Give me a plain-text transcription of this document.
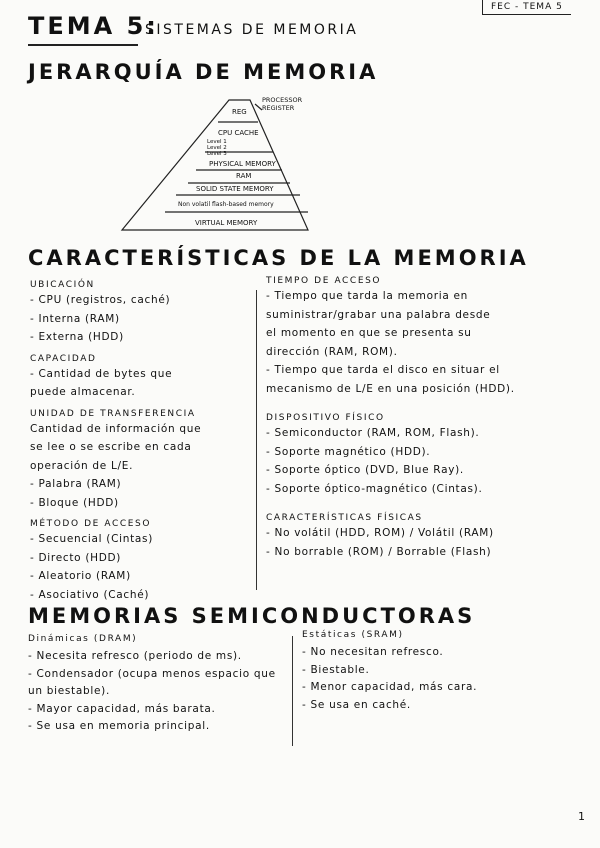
FEC - TEMA 5
TEMA 5:
SISTEMAS DE MEMORIA
JERARQUÍA DE MEMORIA
REG
CPU CACHE
Level 1
Level 2
Level 3
PHYSICAL MEMORY
RAM
SOLID STATE MEMORY
Non volatil flash-based memory
VIRTUAL MEMORY
PROCESSOR
REGISTER
CARACTERÍSTICAS DE LA MEMORIA
UBICACIÓN
- CPU (registros, caché)
- Interna (RAM)
- Externa (HDD)
CAPACIDAD
- Cantidad de bytes que
puede almacenar.
UNIDAD DE TRANSFERENCIA
Cantidad de información que
se lee o se escribe en cada
operación de L/E.
- Palabra (RAM)
- Bloque (HDD)
MÉTODO DE ACCESO
- Secuencial (Cintas)
- Directo (HDD)
- Aleatorio (RAM)
- Asociativo (Caché)
TIEMPO DE ACCESO
- Tiempo que tarda la memoria en
suministrar/grabar una palabra desde
el momento en que se presenta su
dirección (RAM, ROM).
- Tiempo que tarda el disco en situar el
mecanismo de L/E en una posición (HDD).
DISPOSITIVO FÍSICO
- Semiconductor (RAM, ROM, Flash).
- Soporte magnético (HDD).
- Soporte óptico (DVD, Blue Ray).
- Soporte óptico-magnético (Cintas).
CARACTERÍSTICAS FÍSICAS
- No volátil (HDD, ROM) / Volátil (RAM)
- No borrable (ROM) / Borrable (Flash)
MEMORIAS SEMICONDUCTORAS
Dinámicas (DRAM)
- Necesita refresco (periodo de ms).
- Condensador (ocupa menos espacio que
un biestable).
- Mayor capacidad, más barata.
- Se usa en memoria principal.
Estáticas (SRAM)
- No necesitan refresco.
- Biestable.
- Menor capacidad, más cara.
- Se usa en caché.
1
